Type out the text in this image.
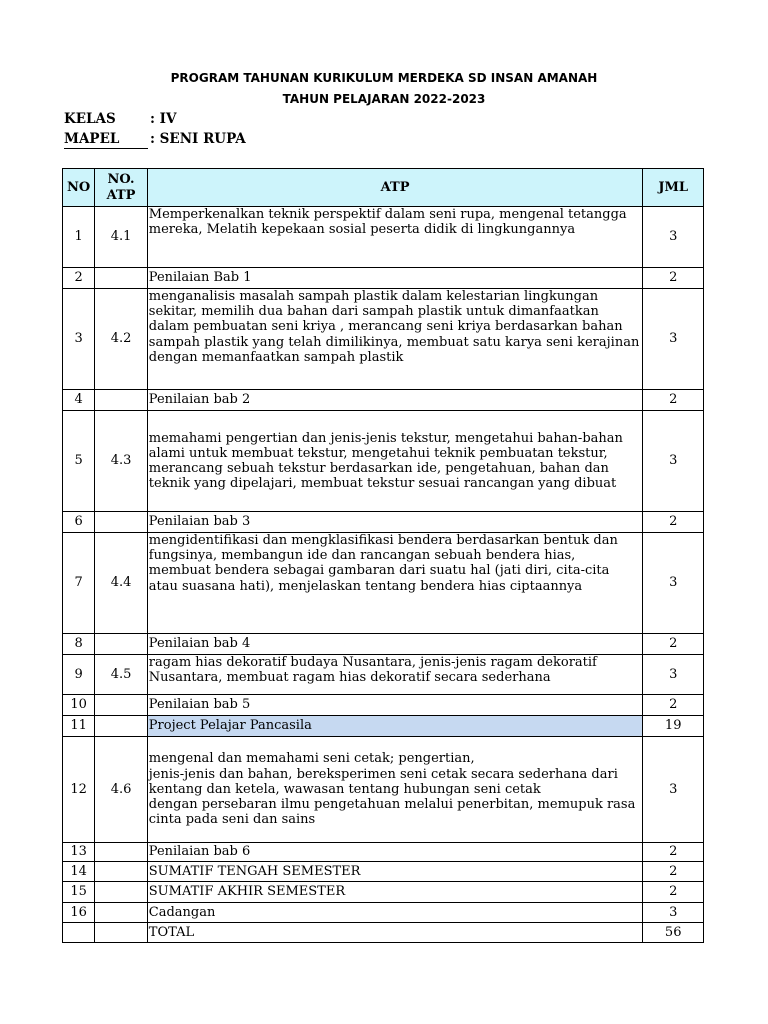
PROGRAM TAHUNAN KURIKULUM MERDEKA SD INSAN AMANAH
TAHUN PELAJARAN 2022-2023
KELAS	: IV
MAPEL : SENI RUPA
NO	NO. ATP	ATP	JML
1	4.1	Memperkenalkan teknik perspektif dalam seni rupa, mengenal tetangga mereka, Melatih kepekaan sosial peserta didik di lingkungannya	3
2		Penilaian Bab 1	2
3	4.2	menganalisis masalah sampah plastik dalam kelestarian lingkungan sekitar, memilih dua bahan dari sampah plastik untuk dimanfaatkan dalam pembuatan seni kriya , merancang seni kriya berdasarkan bahan sampah plastik yang telah dimilikinya, membuat satu karya seni kerajinan dengan memanfaatkan sampah plastik	3
4		Penilaian bab 2	2
5	4.3	memahami pengertian dan jenis-jenis tekstur, mengetahui bahan-bahan alami untuk membuat tekstur, mengetahui teknik pembuatan tekstur, merancang sebuah tekstur berdasarkan ide, pengetahuan, bahan dan teknik yang dipelajari, membuat tekstur sesuai rancangan yang dibuat	3
6		Penilaian bab 3	2
7	4.4	mengidentifikasi dan mengklasifikasi bendera berdasarkan bentuk dan fungsinya, membangun ide dan rancangan sebuah bendera hias, membuat bendera sebagai gambaran dari suatu hal (jati diri, cita-cita atau suasana hati), menjelaskan tentang bendera hias ciptaannya	3
8		Penilaian bab 4	2
9	4.5	ragam hias dekoratif budaya Nusantara, jenis-jenis ragam dekoratif Nusantara, membuat ragam hias dekoratif secara sederhana	3
10		Penilaian bab 5	2
11		Project Pelajar Pancasila	19
12	4.6	mengenal dan memahami seni cetak; pengertian,
jenis-jenis dan bahan, bereksperimen seni cetak secara sederhana dari kentang dan ketela, wawasan tentang hubungan seni cetak
dengan persebaran ilmu pengetahuan melalui penerbitan, memupuk rasa cinta pada seni dan sains	3
13		Penilaian bab 6	2
14		SUMATIF TENGAH SEMESTER	2
15		SUMATIF AKHIR SEMESTER	2
16		Cadangan	3
		TOTAL	56
